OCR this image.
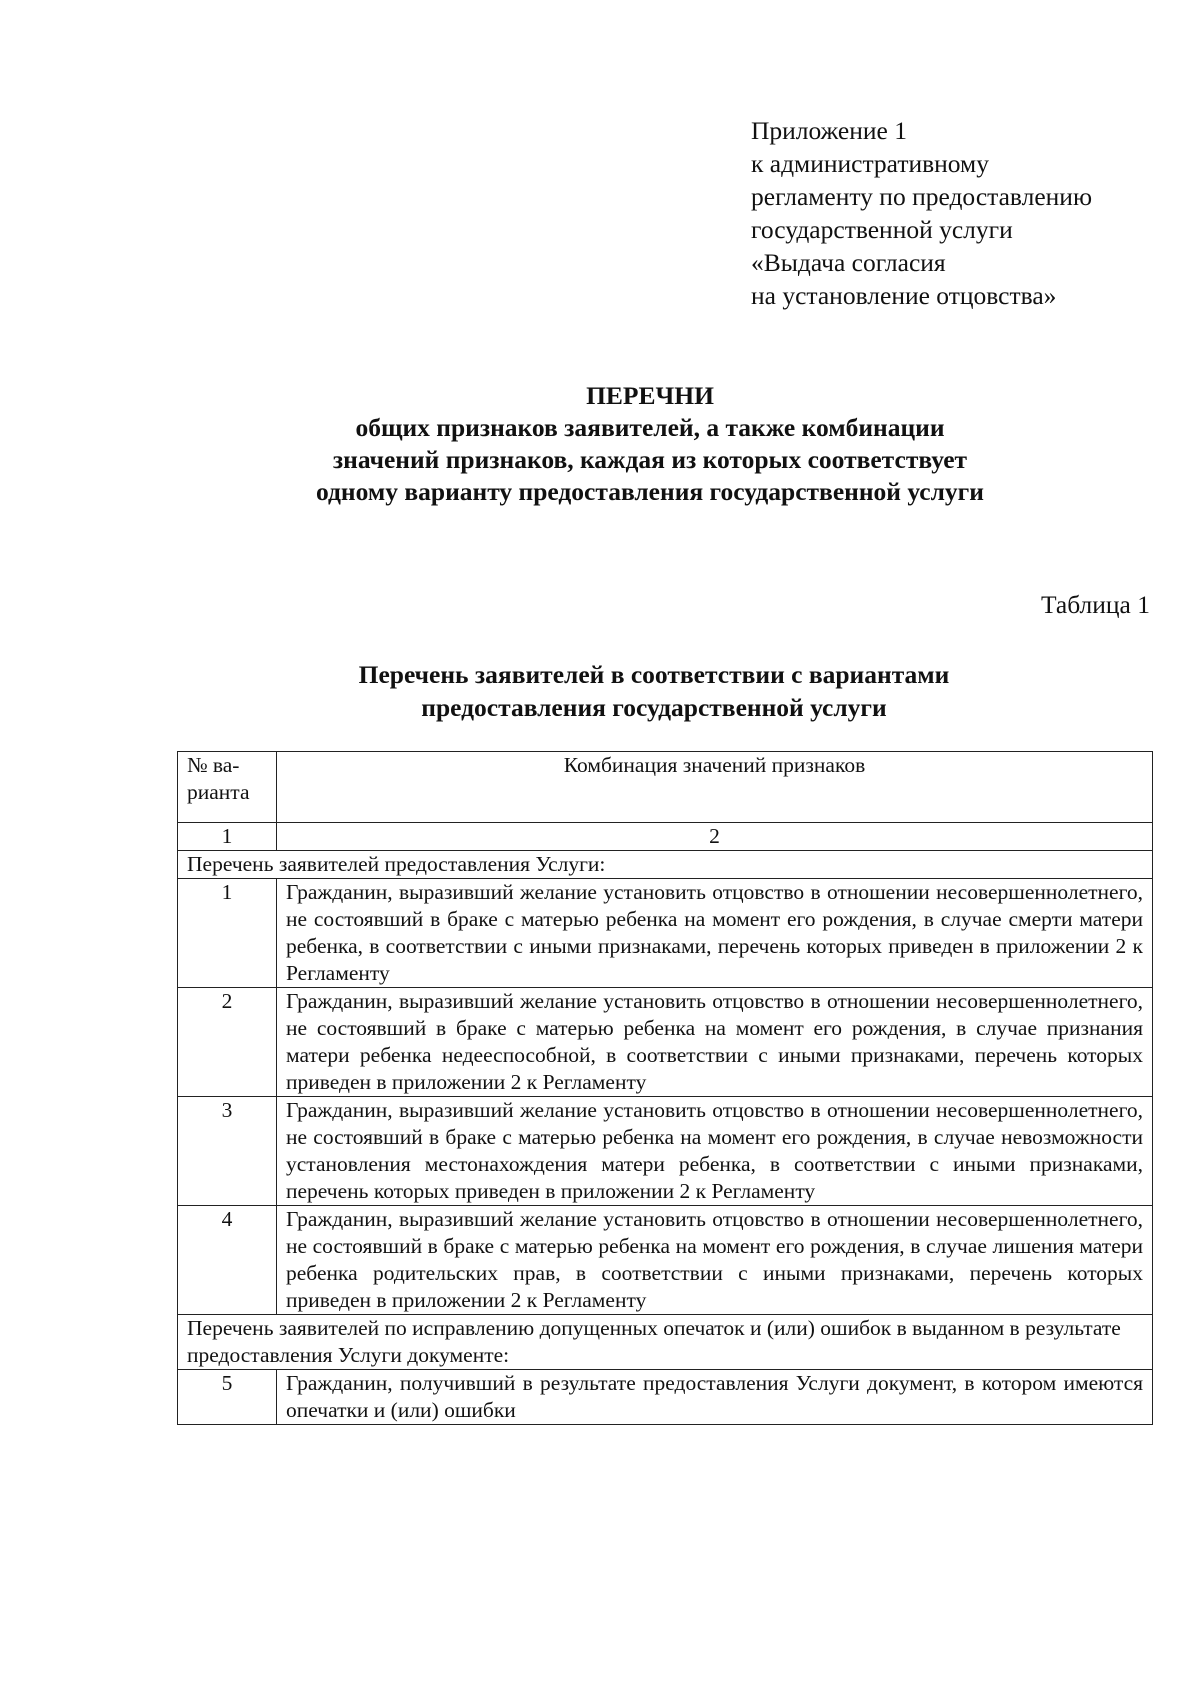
Приложение 1
к административному
регламенту по предоставлению
государственной услуги
«Выдача согласия
на установление отцовства»
ПЕРЕЧНИ
общих признаков заявителей, а также комбинации
значений признаков, каждая из которых соответствует
одному варианту предоставления государственной услуги
Таблица 1
Перечень заявителей в соответствии с вариантами
предоставления государственной услуги
№ ва-
рианта	Комбинация значений признаков
1	2
Перечень заявителей предоставления Услуги:	
1	Гражданин, выразивший желание установить отцовство в отношении несовершеннолетнего, не состоявший в браке с матерью ребенка на момент его рождения, в случае смерти матери ребенка, в соответствии с иными признаками, перечень которых приведен в приложении 2 к Регламенту
2	Гражданин, выразивший желание установить отцовство в отношении несовершеннолетнего, не состоявший в браке с матерью ребенка на момент его рождения, в случае признания матери ребенка недееспособной, в соответствии с иными признаками, перечень которых приведен в приложении 2 к Регламенту
3	Гражданин, выразивший желание установить отцовство в отношении несовершеннолетнего, не состоявший в браке с матерью ребенка на момент его рождения, в случае невозможности установления местонахождения матери ребенка, в соответствии с иными признаками, перечень которых приведен в приложении 2 к Регламенту
4	Гражданин, выразивший желание установить отцовство в отношении несовершеннолетнего, не состоявший в браке с матерью ребенка на момент его рождения, в случае лишения матери ребенка родительских прав, в соответствии с иными признаками, перечень которых приведен в приложении 2 к Регламенту
Перечень заявителей по исправлению допущенных опечаток и (или) ошибок в выданном в результате предоставления Услуги документе:	
5	Гражданин, получивший в результате предоставления Услуги документ, в котором имеются опечатки и (или) ошибки
